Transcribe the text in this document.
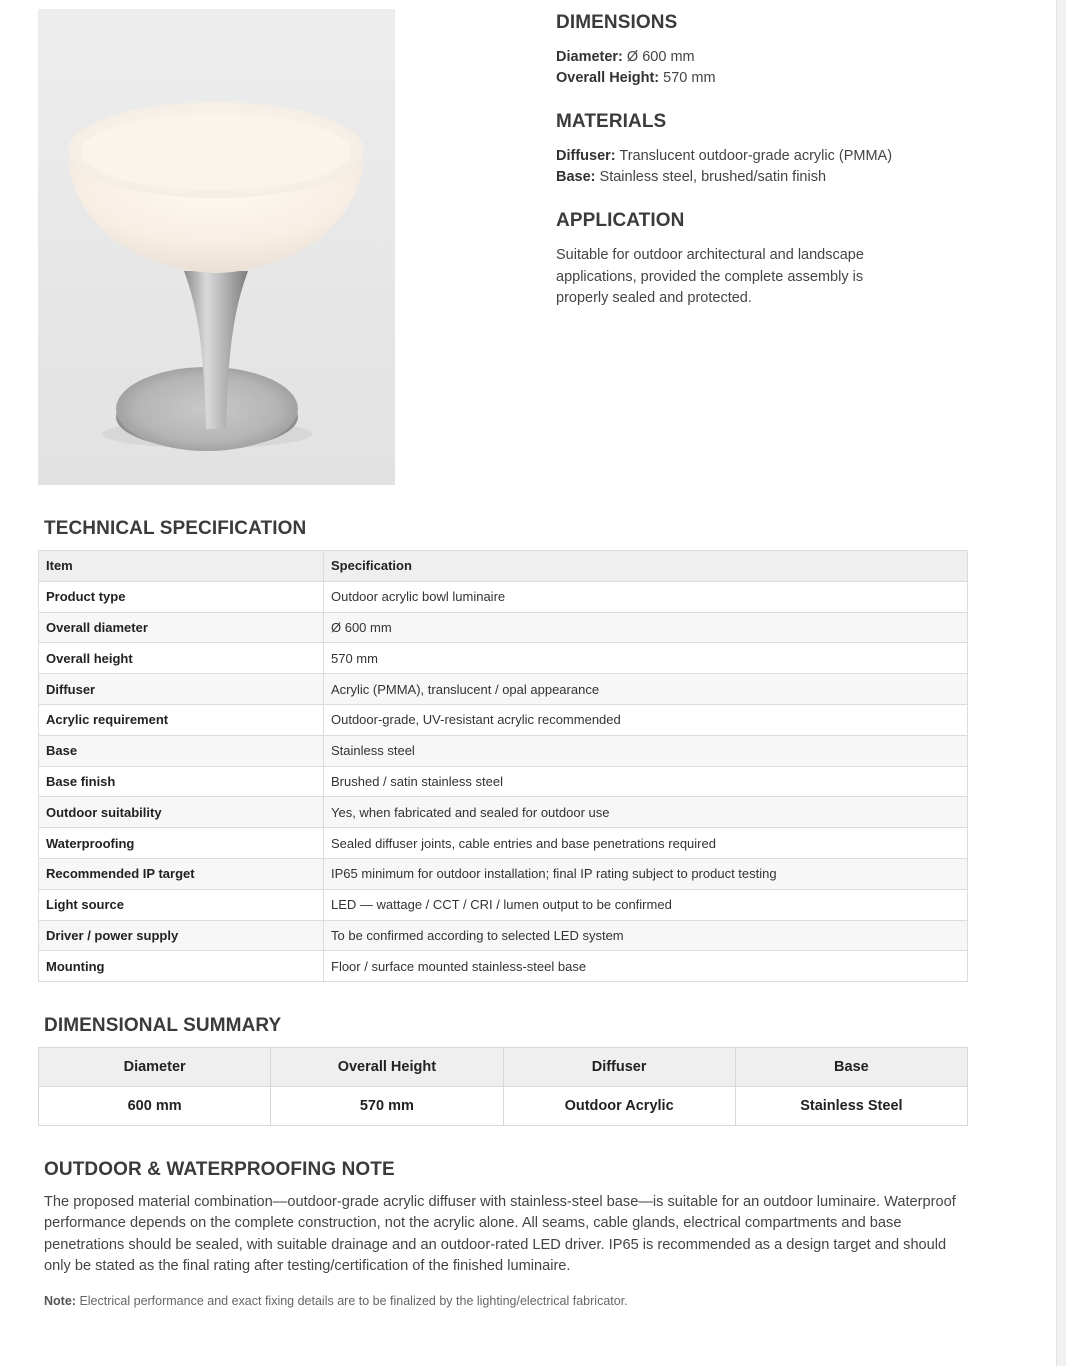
DIMENSIONS
Diameter: Ø 600 mm
Overall Height: 570 mm
MATERIALS
Diffuser: Translucent outdoor-grade acrylic (PMMA)
Base: Stainless steel, brushed/satin finish
APPLICATION
Suitable for outdoor architectural and landscape applications, provided the complete assembly is properly sealed and protected.
TECHNICAL SPECIFICATION
Item	Specification
Product type	Outdoor acrylic bowl luminaire
Overall diameter	Ø 600 mm
Overall height	570 mm
Diffuser	Acrylic (PMMA), translucent / opal appearance
Acrylic requirement	Outdoor-grade, UV-resistant acrylic recommended
Base	Stainless steel
Base finish	Brushed / satin stainless steel
Outdoor suitability	Yes, when fabricated and sealed for outdoor use
Waterproofing	Sealed diffuser joints, cable entries and base penetrations required
Recommended IP target	IP65 minimum for outdoor installation; final IP rating subject to product testing
Light source	LED — wattage / CCT / CRI / lumen output to be confirmed
Driver / power supply	To be confirmed according to selected LED system
Mounting	Floor / surface mounted stainless-steel base
DIMENSIONAL SUMMARY
Diameter	Overall Height	Diffuser	Base
600 mm	570 mm	Outdoor Acrylic	Stainless Steel
OUTDOOR & WATERPROOFING NOTE
The proposed material combination—outdoor-grade acrylic diffuser with stainless-steel base—is suitable for an outdoor luminaire. Waterproof performance depends on the complete construction, not the acrylic alone. All seams, cable glands, electrical compartments and base penetrations should be sealed, with suitable drainage and an outdoor-rated LED driver. IP65 is recommended as a design target and should only be stated as the final rating after testing/certification of the finished luminaire.
Note: Electrical performance and exact fixing details are to be finalized by the lighting/electrical fabricator.
